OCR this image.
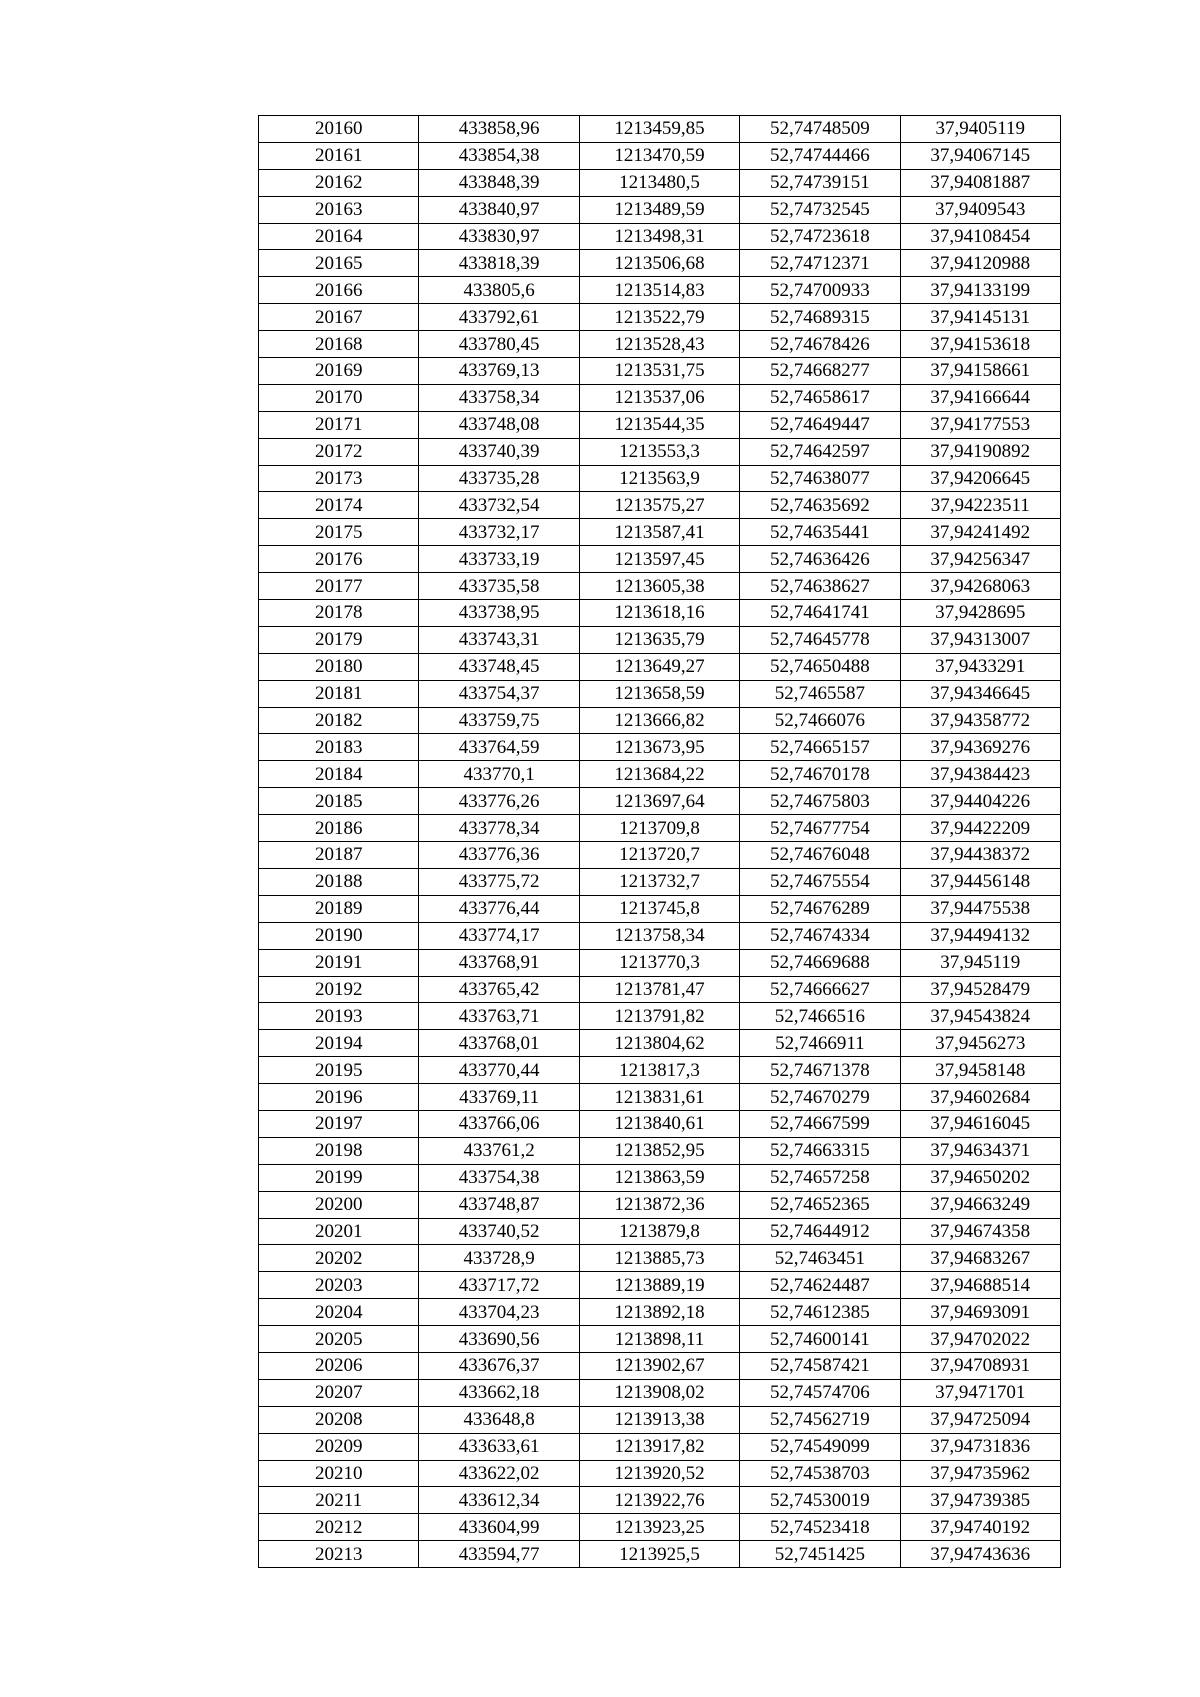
20160	433858,96	1213459,85	52,74748509	37,9405119
20161	433854,38	1213470,59	52,74744466	37,94067145
20162	433848,39	1213480,5	52,74739151	37,94081887
20163	433840,97	1213489,59	52,74732545	37,9409543
20164	433830,97	1213498,31	52,74723618	37,94108454
20165	433818,39	1213506,68	52,74712371	37,94120988
20166	433805,6	1213514,83	52,74700933	37,94133199
20167	433792,61	1213522,79	52,74689315	37,94145131
20168	433780,45	1213528,43	52,74678426	37,94153618
20169	433769,13	1213531,75	52,74668277	37,94158661
20170	433758,34	1213537,06	52,74658617	37,94166644
20171	433748,08	1213544,35	52,74649447	37,94177553
20172	433740,39	1213553,3	52,74642597	37,94190892
20173	433735,28	1213563,9	52,74638077	37,94206645
20174	433732,54	1213575,27	52,74635692	37,94223511
20175	433732,17	1213587,41	52,74635441	37,94241492
20176	433733,19	1213597,45	52,74636426	37,94256347
20177	433735,58	1213605,38	52,74638627	37,94268063
20178	433738,95	1213618,16	52,74641741	37,9428695
20179	433743,31	1213635,79	52,74645778	37,94313007
20180	433748,45	1213649,27	52,74650488	37,9433291
20181	433754,37	1213658,59	52,7465587	37,94346645
20182	433759,75	1213666,82	52,7466076	37,94358772
20183	433764,59	1213673,95	52,74665157	37,94369276
20184	433770,1	1213684,22	52,74670178	37,94384423
20185	433776,26	1213697,64	52,74675803	37,94404226
20186	433778,34	1213709,8	52,74677754	37,94422209
20187	433776,36	1213720,7	52,74676048	37,94438372
20188	433775,72	1213732,7	52,74675554	37,94456148
20189	433776,44	1213745,8	52,74676289	37,94475538
20190	433774,17	1213758,34	52,74674334	37,94494132
20191	433768,91	1213770,3	52,74669688	37,945119
20192	433765,42	1213781,47	52,74666627	37,94528479
20193	433763,71	1213791,82	52,7466516	37,94543824
20194	433768,01	1213804,62	52,7466911	37,9456273
20195	433770,44	1213817,3	52,74671378	37,9458148
20196	433769,11	1213831,61	52,74670279	37,94602684
20197	433766,06	1213840,61	52,74667599	37,94616045
20198	433761,2	1213852,95	52,74663315	37,94634371
20199	433754,38	1213863,59	52,74657258	37,94650202
20200	433748,87	1213872,36	52,74652365	37,94663249
20201	433740,52	1213879,8	52,74644912	37,94674358
20202	433728,9	1213885,73	52,7463451	37,94683267
20203	433717,72	1213889,19	52,74624487	37,94688514
20204	433704,23	1213892,18	52,74612385	37,94693091
20205	433690,56	1213898,11	52,74600141	37,94702022
20206	433676,37	1213902,67	52,74587421	37,94708931
20207	433662,18	1213908,02	52,74574706	37,9471701
20208	433648,8	1213913,38	52,74562719	37,94725094
20209	433633,61	1213917,82	52,74549099	37,94731836
20210	433622,02	1213920,52	52,74538703	37,94735962
20211	433612,34	1213922,76	52,74530019	37,94739385
20212	433604,99	1213923,25	52,74523418	37,94740192
20213	433594,77	1213925,5	52,7451425	37,94743636
